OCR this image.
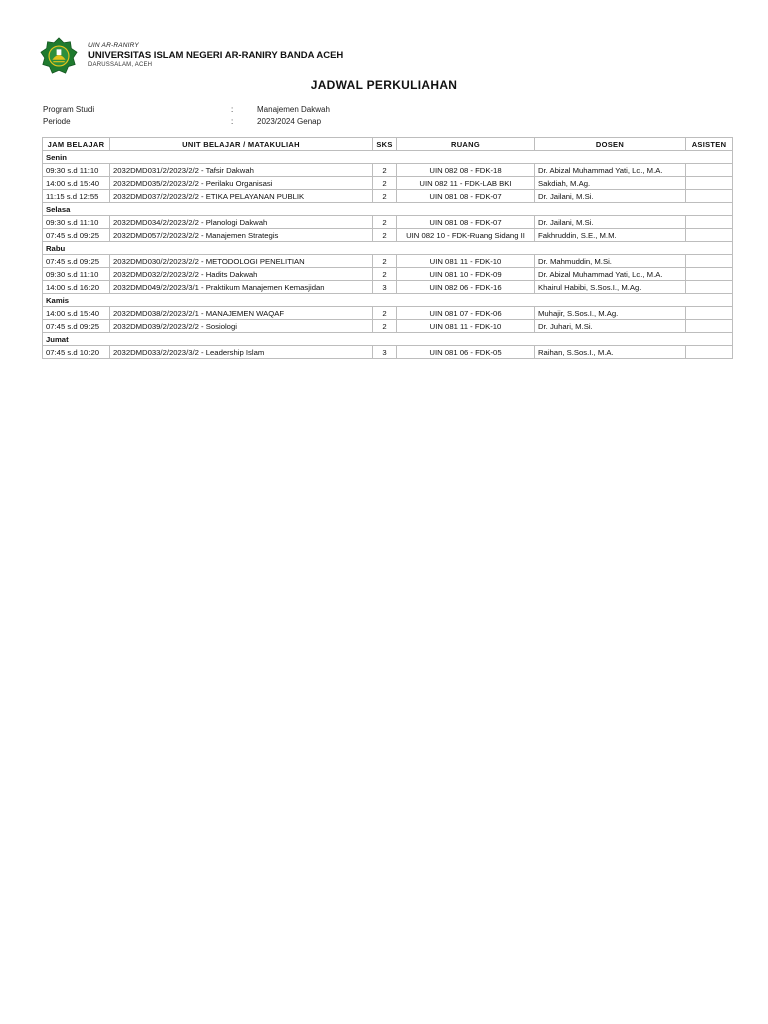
UIN AR-RANIRY
UNIVERSITAS ISLAM NEGERI AR-RANIRY BANDA ACEH
DARUSSALAM, ACEH
JADWAL PERKULIAHAN
Program Studi	:	Manajemen Dakwah
Periode	:	2023/2024 Genap
JAM BELAJAR	UNIT BELAJAR / MATAKULIAH	SKS	RUANG	DOSEN	ASISTEN
Senin					
09:30 s.d 11:10	2032DMD031/2/2023/2/2 - Tafsir Dakwah	2	UIN 082 08 - FDK-18	Dr. Abizal Muhammad Yati, Lc., M.A.	
14:00 s.d 15:40	2032DMD035/2/2023/2/2 - Perilaku Organisasi	2	UIN 082 11 - FDK-LAB BKI	Sakdiah, M.Ag.	
11:15 s.d 12:55	2032DMD037/2/2023/2/2 - ETIKA PELAYANAN PUBLIK	2	UIN 081 08 - FDK-07	Dr. Jailani, M.Si.	
Selasa					
09:30 s.d 11:10	2032DMD034/2/2023/2/2 - Planologi Dakwah	2	UIN 081 08 - FDK-07	Dr. Jailani, M.Si.	
07:45 s.d 09:25	2032DMD057/2/2023/2/2 - Manajemen Strategis	2	UIN 082 10 - FDK-Ruang Sidang II	Fakhruddin, S.E., M.M.	
Rabu					
07:45 s.d 09:25	2032DMD030/2/2023/2/2 - METODOLOGI PENELITIAN	2	UIN 081 11 - FDK-10	Dr. Mahmuddin, M.Si.	
09:30 s.d 11:10	2032DMD032/2/2023/2/2 - Hadits Dakwah	2	UIN 081 10 - FDK-09	Dr. Abizal Muhammad Yati, Lc., M.A.	
14:00 s.d 16:20	2032DMD049/2/2023/3/1 - Praktikum Manajemen Kemasjidan	3	UIN 082 06 - FDK-16	Khairul Habibi, S.Sos.I., M.Ag.	
Kamis					
14:00 s.d 15:40	2032DMD038/2/2023/2/1 - MANAJEMEN WAQAF	2	UIN 081 07 - FDK-06	Muhajir, S.Sos.I., M.Ag.	
07:45 s.d 09:25	2032DMD039/2/2023/2/2 - Sosiologi	2	UIN 081 11 - FDK-10	Dr. Juhari, M.Si.	
Jumat					
07:45 s.d 10:20	2032DMD033/2/2023/3/2 - Leadership Islam	3	UIN 081 06 - FDK-05	Raihan, S.Sos.I., M.A.	
